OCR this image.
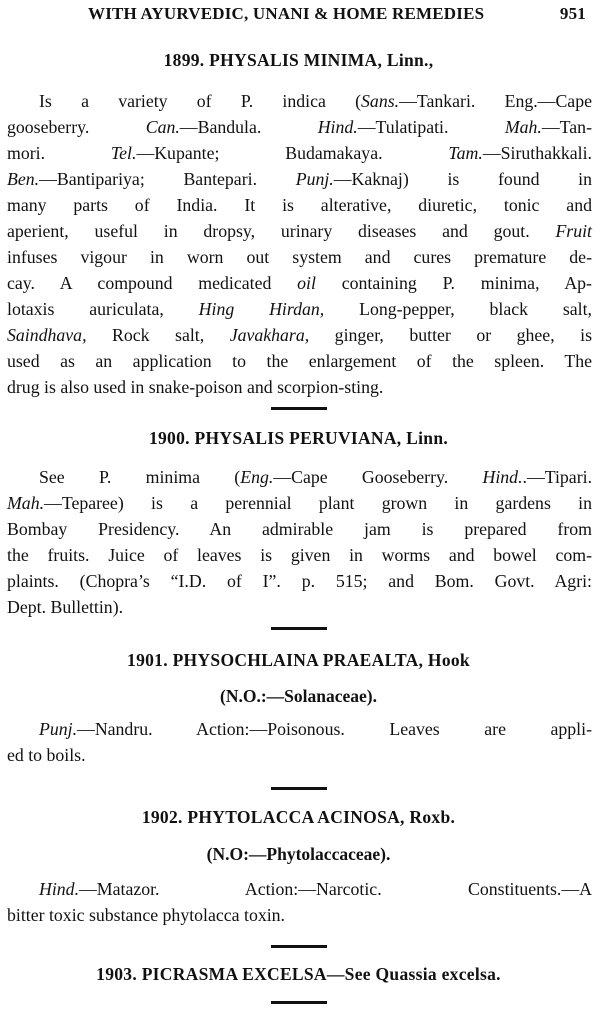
WITH AYURVEDIC, UNANI & HOME REMEDIES	951

1899. PHYSALIS MINIMA, Linn.,

Is a variety of P. indica (Sans.—Tankari. Eng.—Cape
gooseberry. Can.—Bandula. Hind.—Tulatipati. Mah.—Tan-
mori. Tel.—Kupante; Budamakaya. Tam.—Siruthakkali.
Ben.—Bantipariya; Bantepari. Punj.—Kaknaj) is found in
many parts of India. It is alterative, diuretic, tonic and
aperient, useful in dropsy, urinary diseases and gout. Fruit
infuses vigour in worn out system and cures premature de-
cay. A compound medicated oil containing P. minima, Ap-
lotaxis auriculata, Hing Hirdan, Long-pepper, black salt,
Saindhava, Rock salt, Javakhara, ginger, butter or ghee, is
used as an application to the enlargement of the spleen. The
drug is also used in snake-poison and scorpion-sting.

1900. PHYSALIS PERUVIANA, Linn.

See P. minima (Eng.—Cape Gooseberry. Hind..—Tipari.
Mah.—Teparee) is a perennial plant grown in gardens in
Bombay Presidency. An admirable jam is prepared from
the fruits. Juice of leaves is given in worms and bowel com-
plaints. (Chopra’s “I.D. of I”. p. 515; and Bom. Govt. Agri:
Dept. Bullettin).

1901. PHYSOCHLAINA PRAEALTA, Hook

(N.O.:—Solanaceae).

Punj.—Nandru. Action:—Poisonous. Leaves are appli-
ed to boils.

1902. PHYTOLACCA ACINOSA, Roxb.

(N.O:—Phytolaccaceae).

Hind.—Matazor. Action:—Narcotic. Constituents.—A
bitter toxic substance phytolacca toxin.

1903. PICRASMA EXCELSA—See Quassia excelsa.
